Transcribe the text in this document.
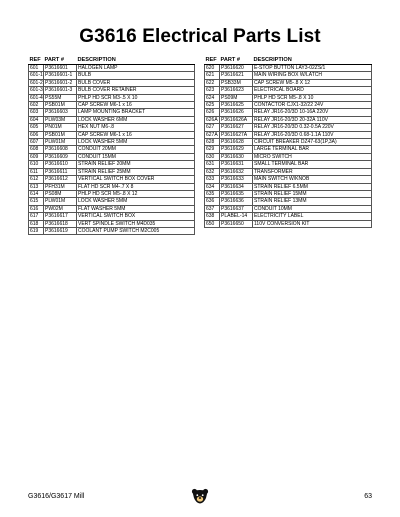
G3616 Electrical Parts List
REF	PART #	DESCRIPTION
601	P3616601	HALOGEN LAMP
601-1	P3616601-1	BULB
601-2	P3616601-2	BULB COVER
601-3	P3616601-3	BULB COVER RETAINER
601-4	PS55M	PHLP HD SCR M3-.5 X 10
602	PSB01M	CAP SCREW M6-1 x 16
603	P3616603	LAMP MOUNTING BRACKET
604	PLW03M	LOCK WASHER 6MM
605	PN01M	HEX NUT M6-.8
606	PSB01M	CAP SCREW M6-1 x 16
607	PLW01M	LOCK WASHER 5MM
608	P3616608	CONDUIT 20MM
609	P3616609	CONDUIT 15MM
610	P3616610	STRAIN RELIEF 20MM
611	P3616611	STRAIN RELIEF 25MM
612	P3616612	VERTICAL SWITCH BOX COVER
613	PFH31M	FLAT HD SCR M4-.7 X 8
614	PS08M	PHLP HD SCR M5-.8 X 12
615	PLW01M	LOCK WASHER 5MM
616	PW02M	FLAT WASHER 5MM
617	P3616617	VERTICAL SWITCH BOX
618	P3616618	VERT SPINDLE SWITCH M4D035
619	P3616619	COOLANT PUMP SWITCH M2C005
REF	PART #	DESCRIPTION
620	P3616620	E-STOP BUTTON LAY3-02ZS/1
621	P3616621	MAIN WIRING BOX W/LATCH
622	PSB33M	CAP SCREW M5-.8 X 12
623	P3616623	ELECTRICAL BOARD
624	PS09M	PHLP HD SCR M5-.8 X 10
625	P3616625	CONTACTOR CJX1-32/22 24V
626	P3616626	RELAY JR16-20/3D 10-16A 220V
626A	P3616626A	RELAY JR16-20/3D 20-32A 110V
627	P3616627	RELAY JR16-20/3D 0.32-0.5A 220V
627A	P3616627A	RELAY JR16-20/3D 0.68-1.1A 110V
628	P3616628	CIRCUIT BREAKER DZ47-63(1P,3A)
629	P3616629	LARGE TERMINAL BAR
630	P3616630	MICRO SWITCH
631	P3616631	SMALL TERMINAL BAR
632	P3616632	TRANSFORMER
633	P3616633	MAIN SWITCH W/KNOB
634	P3616634	STRAIN RELIEF 6.5MM
635	P3616635	STRAIN RELIEF 15MM
636	P3616636	STRAIN RELIEF 13MM
637	P3616637	CONDUIT 10MM
638	PLABEL-14	ELECTRICITY LABEL
650	P3616650	110V CONVERSION KIT
G3616/G3617 Mill	63
